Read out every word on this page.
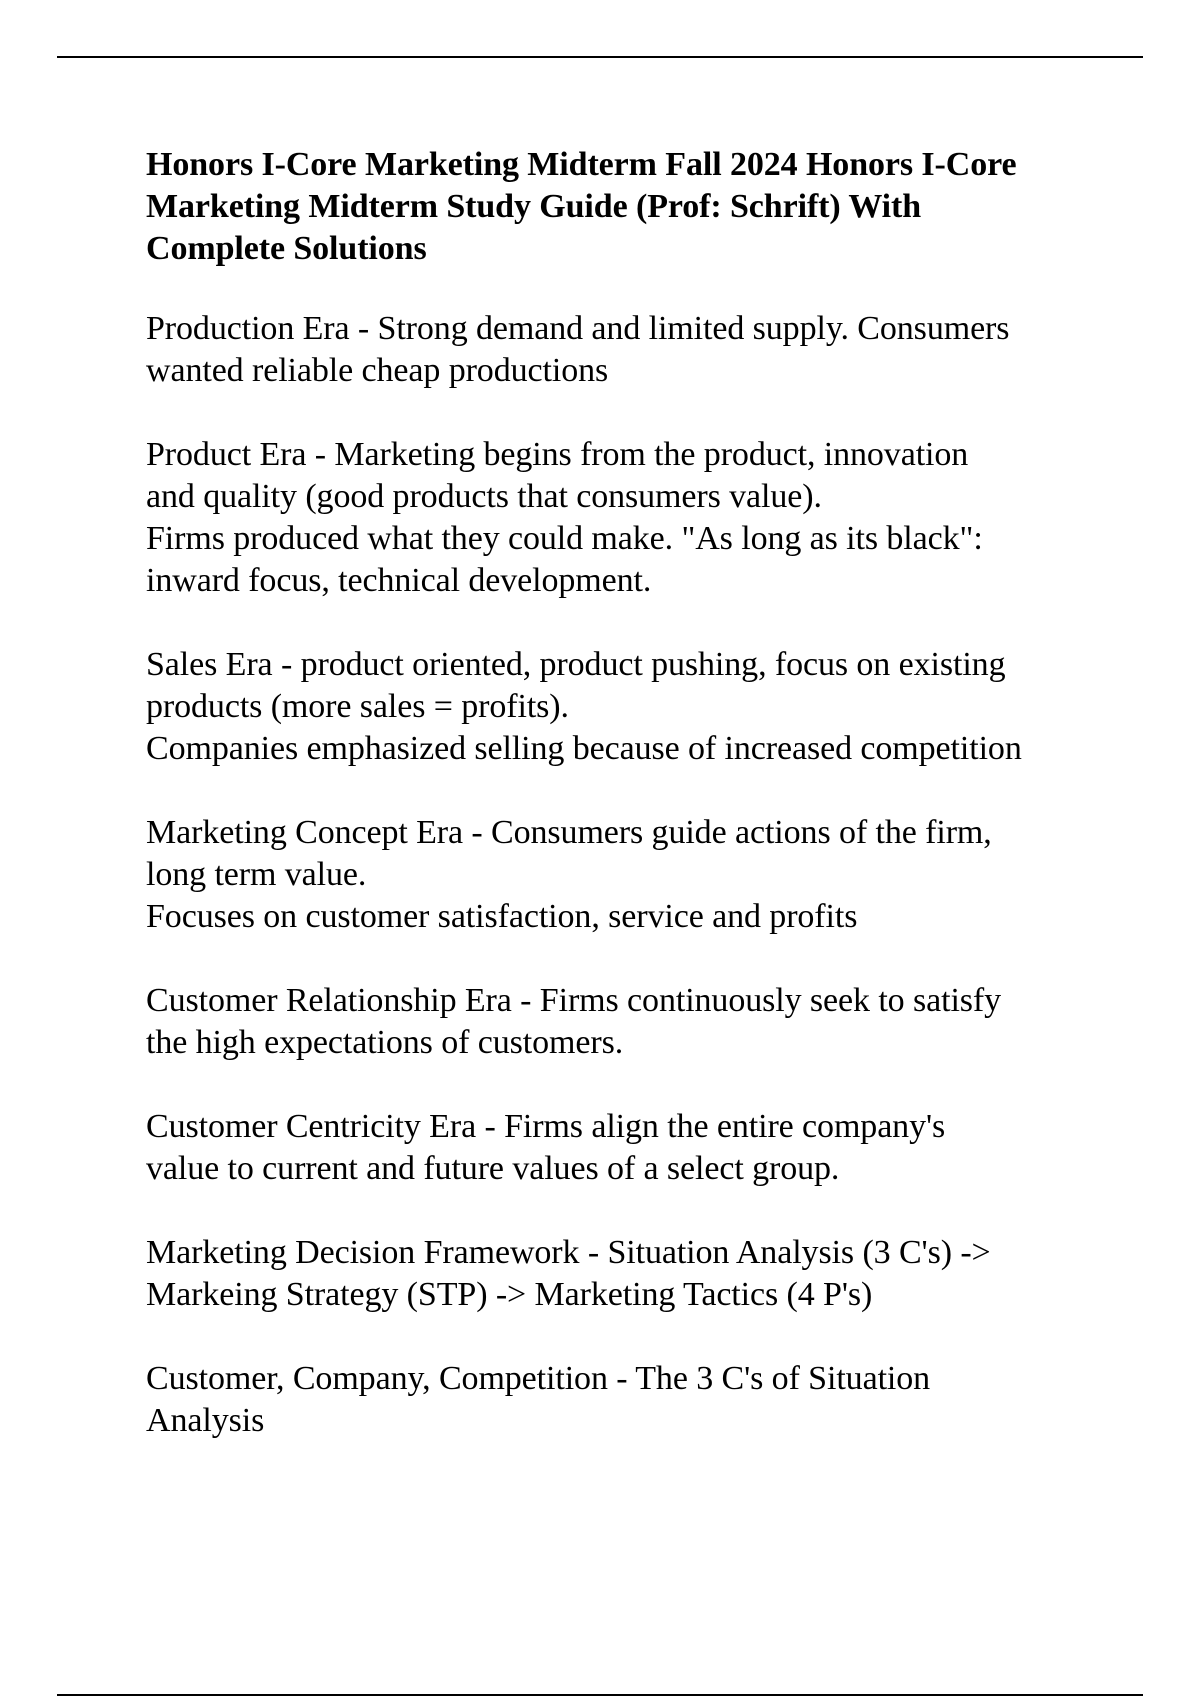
Honors I-Core Marketing Midterm Fall 2024 Honors I-Core
Marketing Midterm Study Guide (Prof: Schrift) With
Complete Solutions

Production Era - Strong demand and limited supply. Consumers
wanted reliable cheap productions

Product Era - Marketing begins from the product, innovation
and quality (good products that consumers value).
Firms produced what they could make. "As long as its black":
inward focus, technical development.

Sales Era - product oriented, product pushing, focus on existing
products (more sales = profits).
Companies emphasized selling because of increased competition

Marketing Concept Era - Consumers guide actions of the firm,
long term value.
Focuses on customer satisfaction, service and profits

Customer Relationship Era - Firms continuously seek to satisfy
the high expectations of customers.

Customer Centricity Era - Firms align the entire company's
value to current and future values of a select group.

Marketing Decision Framework - Situation Analysis (3 C's) ->
Markeing Strategy (STP) -> Marketing Tactics (4 P's)

Customer, Company, Competition - The 3 C's of Situation
Analysis
